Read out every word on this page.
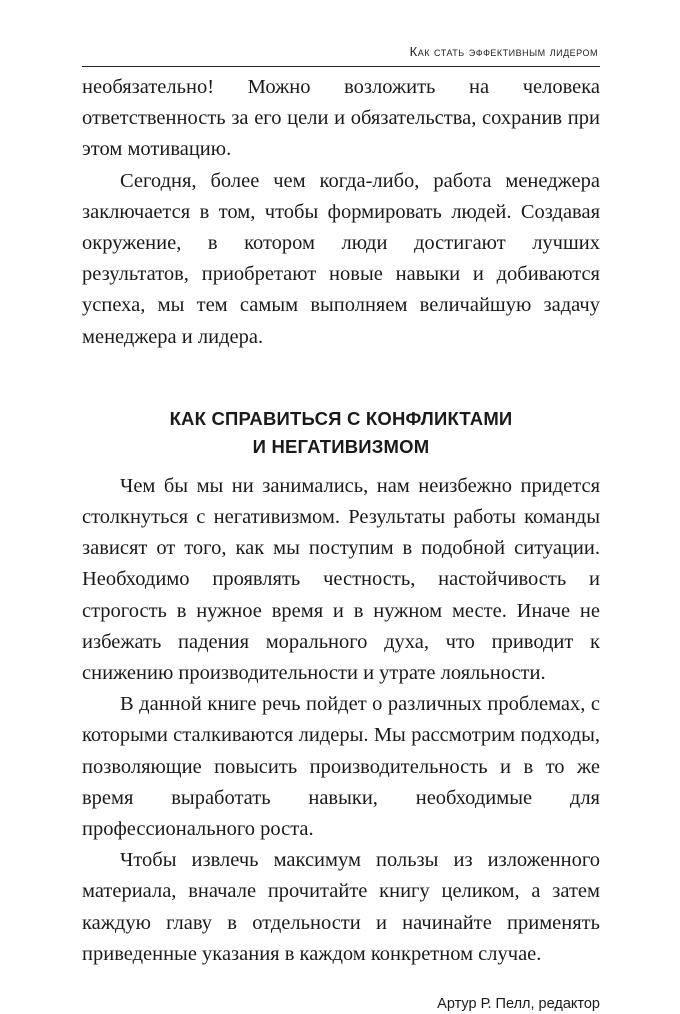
Как стать эффективным лидером

необязательно! Можно возложить на человека ответственность за его цели и обязательства, сохранив при этом мотивацию.

Сегодня, более чем когда-либо, работа менеджера заключается в том, чтобы формировать людей. Создавая окружение, в котором люди достигают лучших результатов, приобретают новые навыки и добиваются успеха, мы тем самым выполняем величайшую задачу менеджера и лидера.

КАК СПРАВИТЬСЯ С КОНФЛИКТАМИ
И НЕГАТИВИЗМОМ

Чем бы мы ни занимались, нам неизбежно придется столкнуться с негативизмом. Результаты работы команды зависят от того, как мы поступим в подобной ситуации. Необходимо проявлять честность, настойчивость и строгость в нужное время и в нужном месте. Иначе не избежать падения морального духа, что приводит к снижению производительности и утрате лояльности.

В данной книге речь пойдет о различных проблемах, с которыми сталкиваются лидеры. Мы рассмотрим подходы, позволяющие повысить производительность и в то же время выработать навыки, необходимые для профессионального роста.

Чтобы извлечь максимум пользы из изложенного материала, вначале прочитайте книгу целиком, а затем каждую главу в отдельности и начинайте применять приведенные указания в каждом конкретном случае.

Артур Р. Пелл, редактор
